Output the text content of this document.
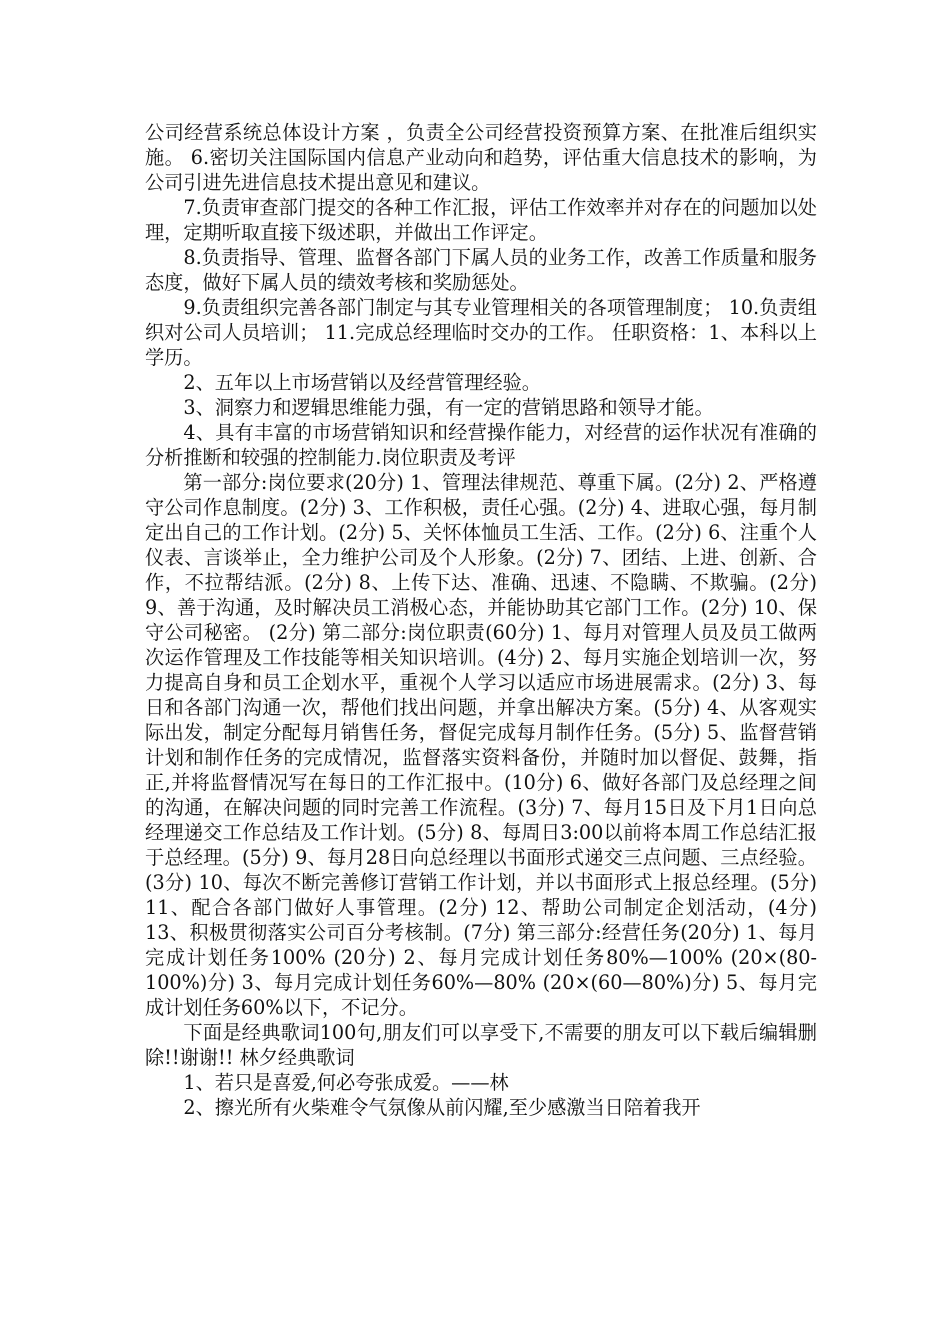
公司经营系统总体设计方案 ，负责全公司经营投资预算方案、在批准后组织实施。 6.密切关注国际国内信息产业动向和趋势，评估重大信息技术的影响，为公司引进先进信息技术提出意见和建议。

7.负责审查部门提交的各种工作汇报，评估工作效率并对存在的问题加以处理，定期听取直接下级述职，并做出工作评定。

8.负责指导、管理、监督各部门下属人员的业务工作，改善工作质量和服务态度，做好下属人员的绩效考核和奖励惩处。

9.负责组织完善各部门制定与其专业管理相关的各项管理制度； 10.负责组织对公司人员培训； 11.完成总经理临时交办的工作。 任职资格：1、本科以上学历。

2、五年以上市场营销以及经营管理经验。

3、洞察力和逻辑思维能力强，有一定的营销思路和领导才能。

4、具有丰富的市场营销知识和经营操作能力，对经营的运作状况有准确的分析推断和较强的控制能力.岗位职责及考评

第一部分:岗位要求(20分) 1、管理法律规范、尊重下属。(2分) 2、严格遵守公司作息制度。(2分) 3、工作积极，责任心强。(2分) 4、进取心强，每月制定出自己的工作计划。(2分) 5、关怀体恤员工生活、工作。(2分) 6、注重个人仪表、言谈举止，全力维护公司及个人形象。(2分) 7、团结、上进、创新、合作，不拉帮结派。(2分) 8、上传下达、准确、迅速、不隐瞒、不欺骗。(2分) 9、善于沟通，及时解决员工消极心态，并能协助其它部门工作。(2分) 10、保守公司秘密。 (2分) 第二部分:岗位职责(60分) 1、每月对管理人员及员工做两次运作管理及工作技能等相关知识培训。(4分) 2、每月实施企划培训一次，努力提高自身和员工企划水平，重视个人学习以适应市场进展需求。(2分) 3、每日和各部门沟通一次，帮他们找出问题，并拿出解决方案。(5分) 4、从客观实际出发，制定分配每月销售任务，督促完成每月制作任务。(5分) 5、监督营销计划和制作任务的完成情况，监督落实资料备份，并随时加以督促、鼓舞，指正,并将监督情况写在每日的工作汇报中。(10分) 6、做好各部门及总经理之间的沟通，在解决问题的同时完善工作流程。(3分) 7、每月15日及下月1日向总经理递交工作总结及工作计划。(5分) 8、每周日3:00以前将本周工作总结汇报于总经理。(5分) 9、每月28日向总经理以书面形式递交三点问题、三点经验。(3分) 10、每次不断完善修订营销工作计划，并以书面形式上报总经理。(5分) 11、配合各部门做好人事管理。(2分) 12、帮助公司制定企划活动，(4分) 13、积极贯彻落实公司百分考核制。(7分) 第三部分:经营任务(20分) 1、每月完成计划任务100% (20分) 2、每月完成计划任务80%—100% (20×(80-100%)分) 3、每月完成计划任务60%—80% (20×(60—80%)分) 5、每月完成计划任务60%以下，不记分。

下面是经典歌词100句,朋友们可以享受下,不需要的朋友可以下载后编辑删除!!谢谢!! 林夕经典歌词

1、若只是喜爱,何必夸张成爱。——林

2、擦光所有火柴难令气氛像从前闪耀,至少感激当日陪着我开
